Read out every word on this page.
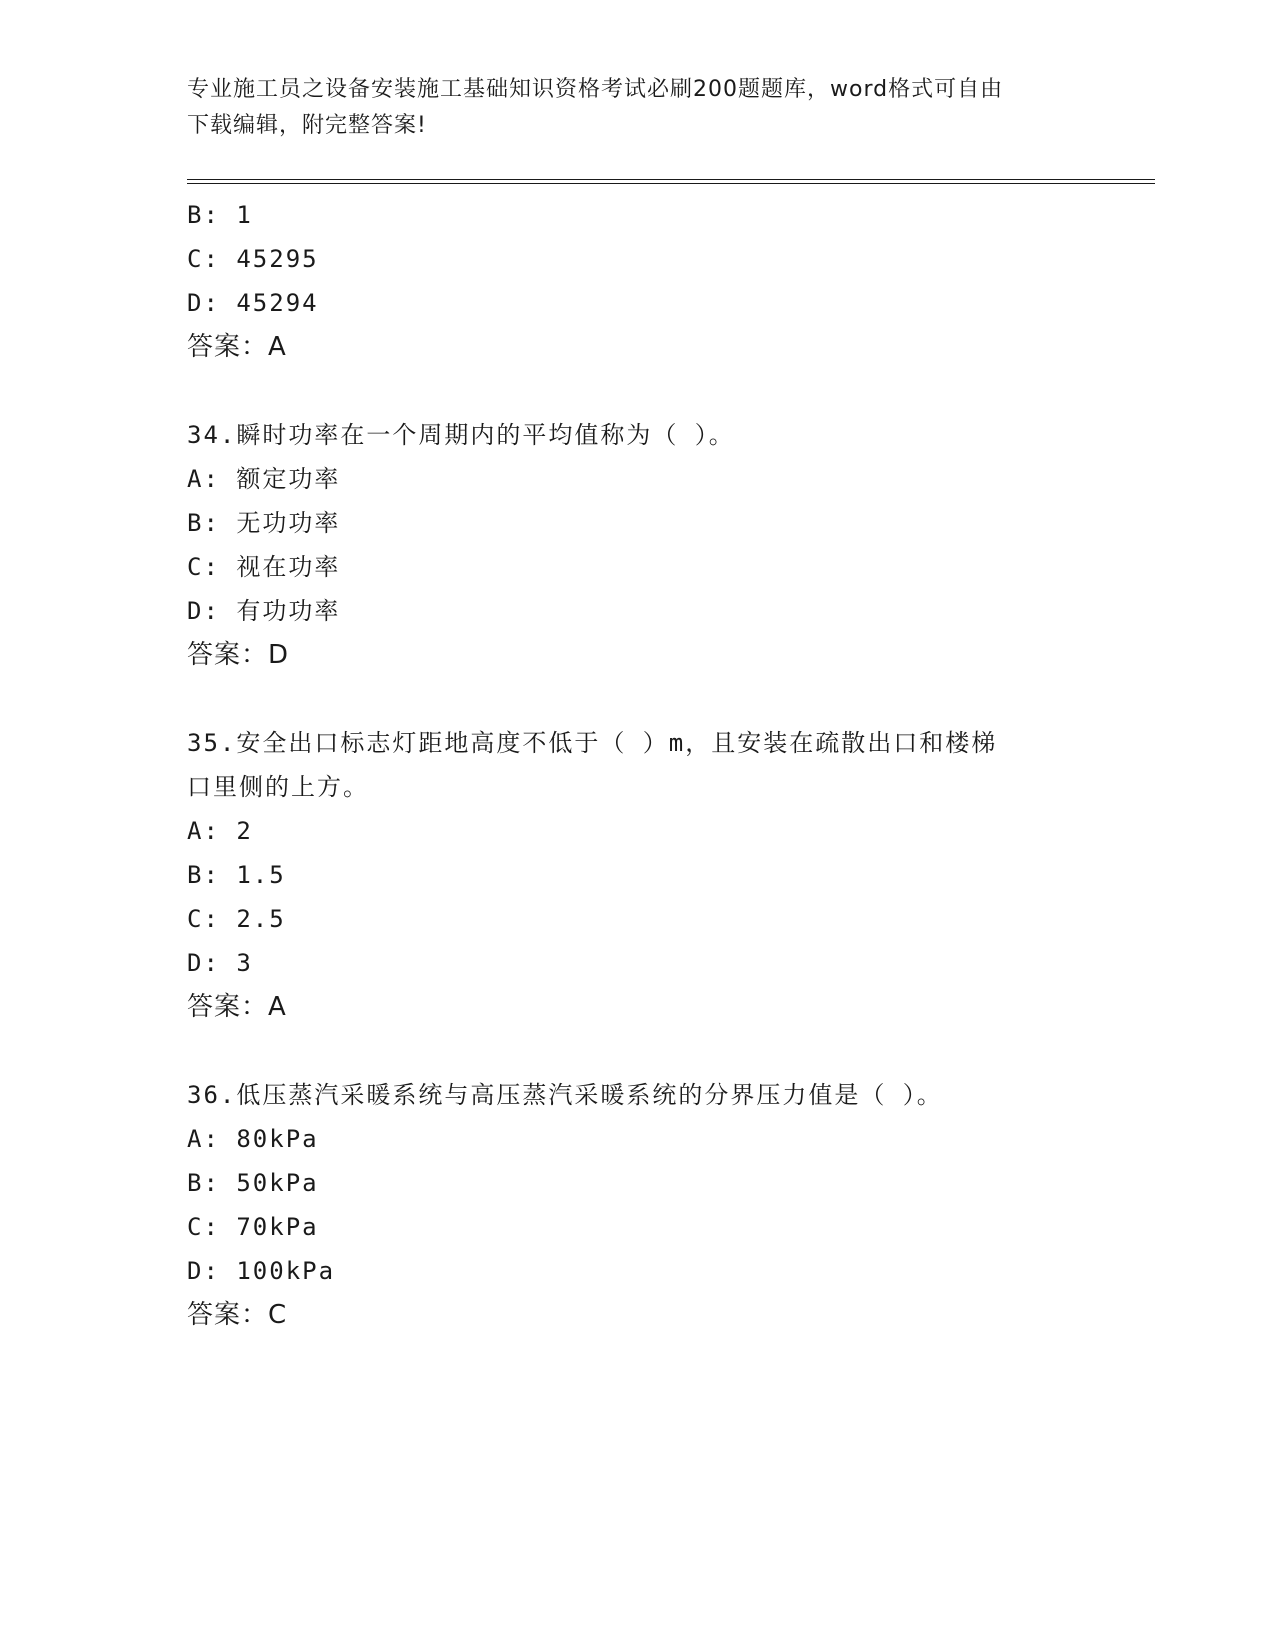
专业施工员之设备安装施工基础知识资格考试必刷200题题库，word格式可自由
下载编辑，附完整答案!
B: 1
C: 45295
D: 45294
答案：A
34.瞬时功率在一个周期内的平均值称为（ ）。
A: 额定功率
B: 无功功率
C: 视在功率
D: 有功功率
答案：D
35.安全出口标志灯距地高度不低于（ ）m，且安装在疏散出口和楼梯
口里侧的上方。
A: 2
B: 1.5
C: 2.5
D: 3
答案：A
36.低压蒸汽采暖系统与高压蒸汽采暖系统的分界压力值是（ ）。
A: 80kPa
B: 50kPa
C: 70kPa
D: 100kPa
答案：C
